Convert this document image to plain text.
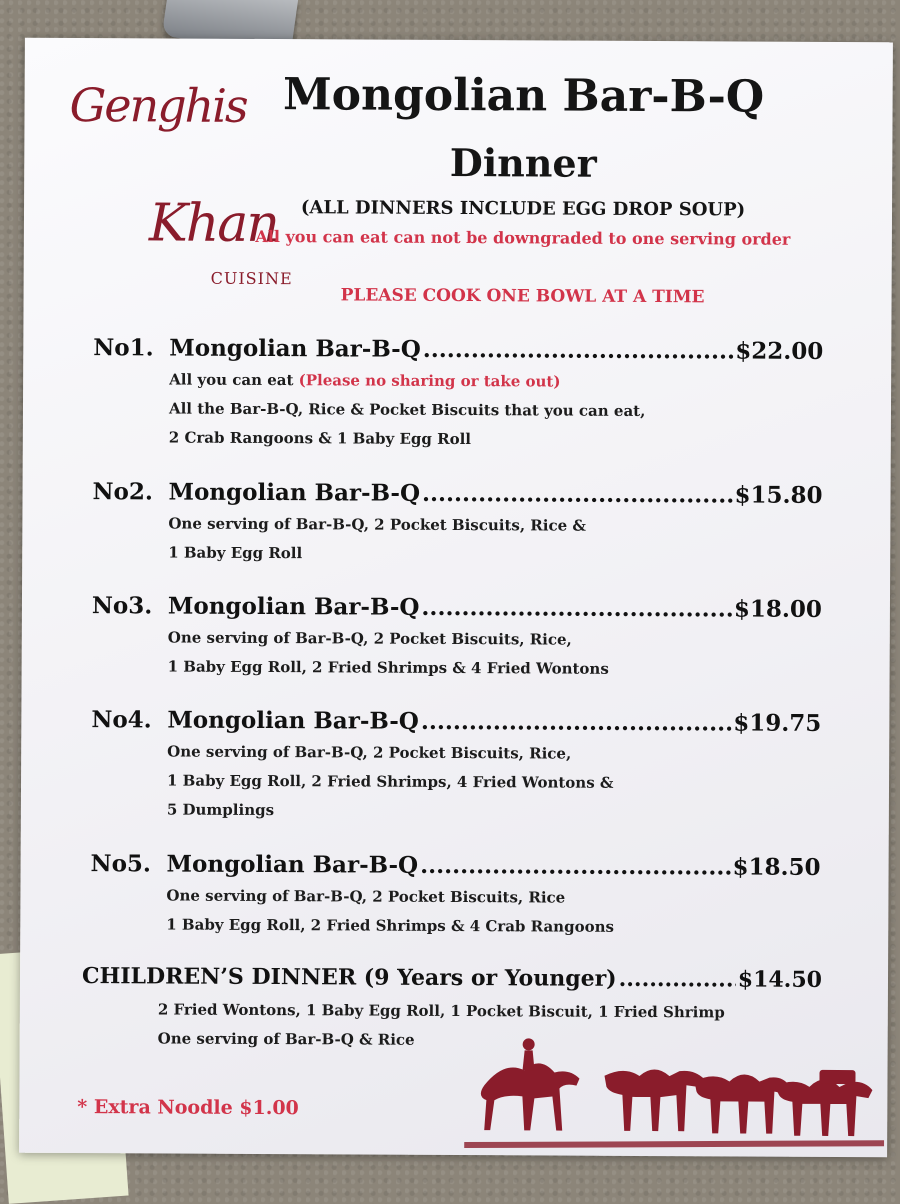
Genghis
Khan
CUISINE
Mongolian Bar-B-Q
Dinner
(ALL DINNERS INCLUDE EGG DROP SOUP)
All you can eat can not be downgraded to one serving order
PLEASE COOK ONE BOWL AT A TIME
No1. Mongolian Bar-B-Q .....	$22.00
All you can eat (Please no sharing or take out)
All the Bar-B-Q, Rice & Pocket Biscuits that you can eat,
2 Crab Rangoons & 1 Baby Egg Roll
No2. Mongolian Bar-B-Q .....	$15.80
One serving of Bar-B-Q, 2 Pocket Biscuits, Rice &
1 Baby Egg Roll
No3. Mongolian Bar-B-Q .....	$18.00
One serving of Bar-B-Q, 2 Pocket Biscuits, Rice,
1 Baby Egg Roll, 2 Fried Shrimps & 4 Fried Wontons
No4. Mongolian Bar-B-Q .....	$19.75
One serving of Bar-B-Q, 2 Pocket Biscuits, Rice,
1 Baby Egg Roll, 2 Fried Shrimps, 4 Fried Wontons &
5 Dumplings
No5. Mongolian Bar-B-Q .....	$18.50
One serving of Bar-B-Q, 2 Pocket Biscuits, Rice
1 Baby Egg Roll, 2 Fried Shrimps & 4 Crab Rangoons
CHILDREN’S DINNER (9 Years or Younger) .....	$14.50
2 Fried Wontons, 1 Baby Egg Roll, 1 Pocket Biscuit, 1 Fried Shrimp
One serving of Bar-B-Q & Rice
* Extra Noodle $1.00
